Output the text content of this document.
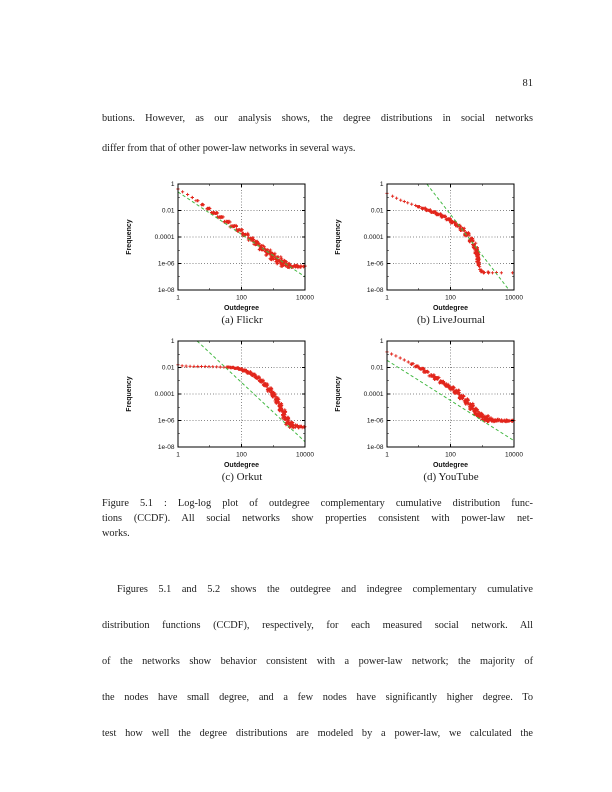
81
butions. However, as our analysis shows, the degree distributions in social networks
differ from that of other power-law networks in several ways.
1
0.01
0.0001
1e-06
1e-08
1	100	10000
Outdegree
Frequency
(a) Flickr
1
0.01
0.0001
1e-06
1e-08
1	100	10000
Outdegree
Frequency
(b) LiveJournal
1
0.01
0.0001
1e-06
1e-08
1	100	10000
Outdegree
Frequency
(c) Orkut
1
0.01
0.0001
1e-06
1e-08
1	100	10000
Outdegree
Frequency
(d) YouTube
Figure 5.1 : Log-log plot of outdegree complementary cumulative distribution func-
tions (CCDF). All social networks show properties consistent with power-law net-
works.
Figures 5.1 and 5.2 shows the outdegree and indegree complementary cumulative
distribution functions (CCDF), respectively, for each measured social network. All
of the networks show behavior consistent with a power-law network; the majority of
the nodes have small degree, and a few nodes have significantly higher degree. To
test how well the degree distributions are modeled by a power-law, we calculated the
